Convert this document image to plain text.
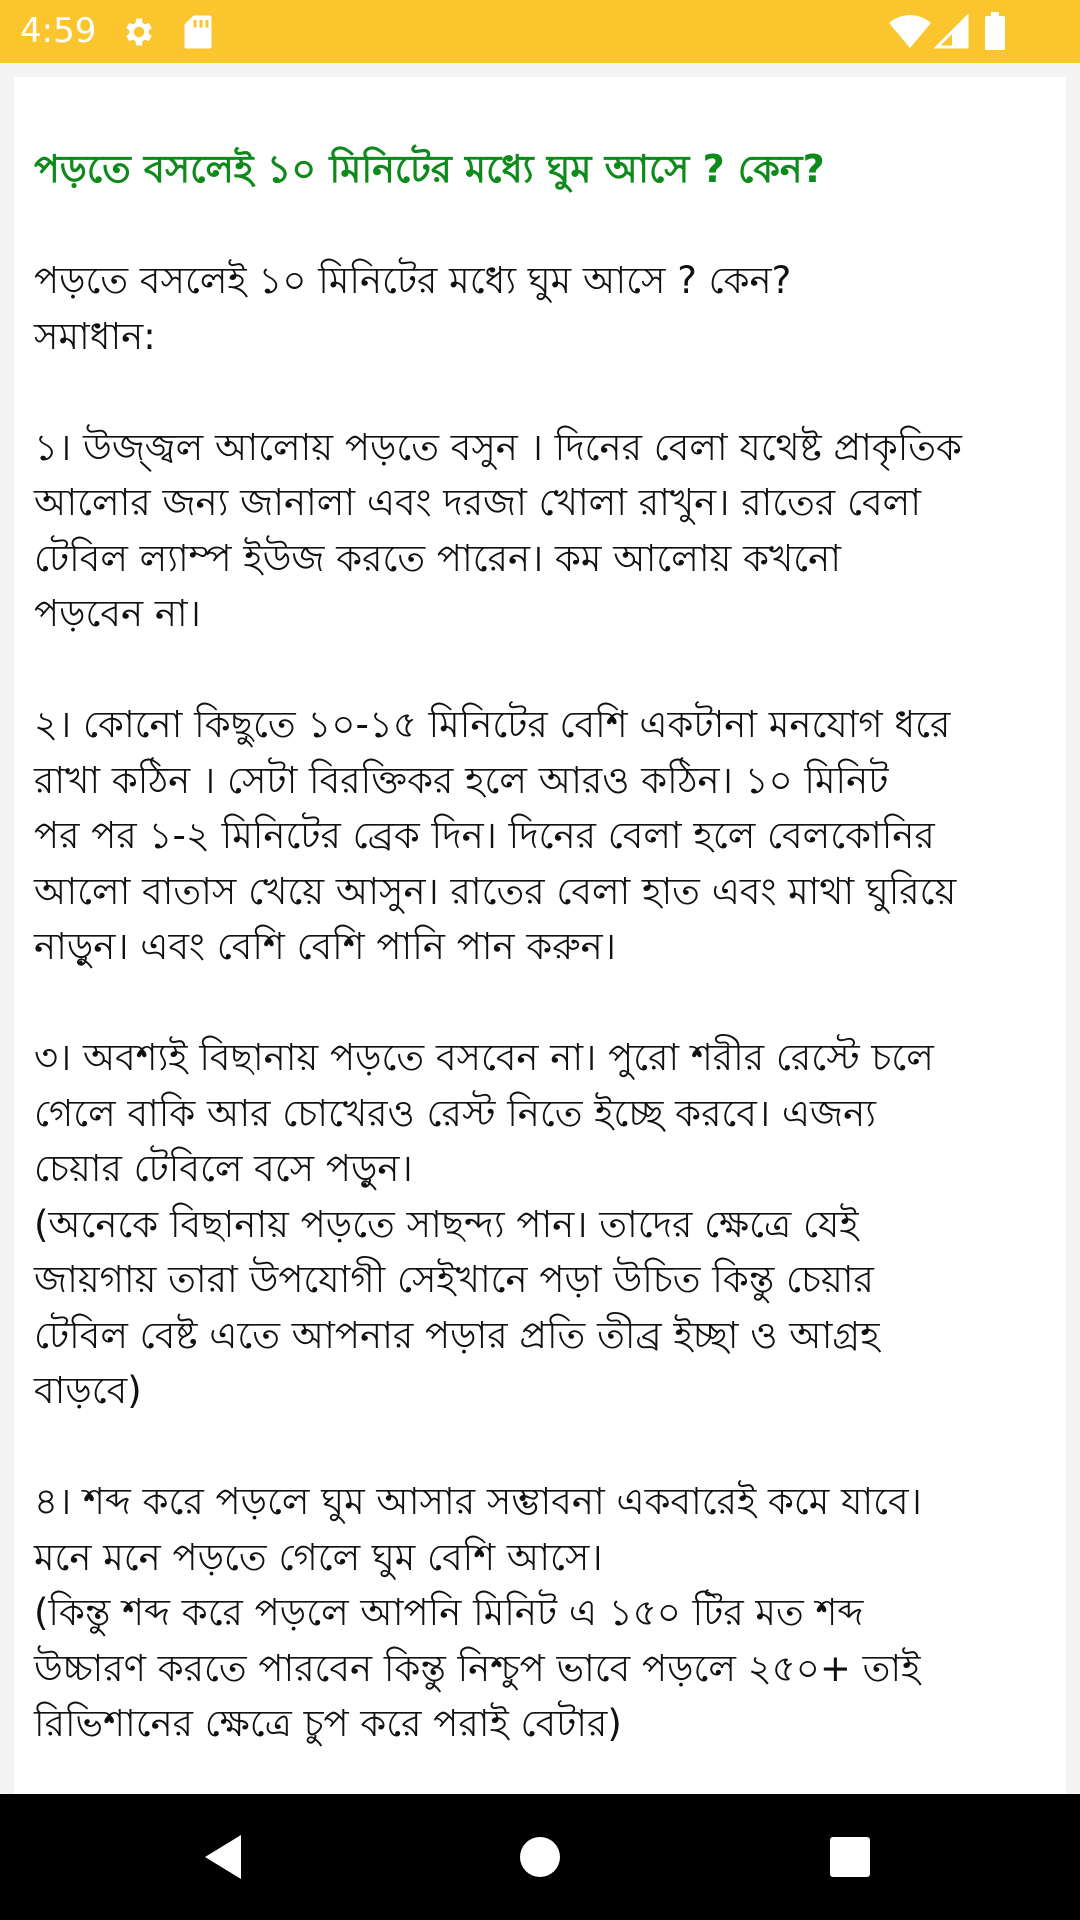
4:59
পড়তে বসলেই ১০ মিনিটের মধ্যে ঘুম আসে ? কেন?

পড়তে বসলেই ১০ মিনিটের মধ্যে ঘুম আসে ? কেন?
সমাধান:

১। উজ্জ্বল আলোয় পড়তে বসুন । দিনের বেলা যথেষ্ট প্রাকৃতিক
আলোর জন্য জানালা এবং দরজা খোলা রাখুন। রাতের বেলা
টেবিল ল্যাম্প ইউজ করতে পারেন। কম আলোয় কখনো
পড়বেন না।

২। কোনো কিছুতে ১০-১৫ মিনিটের বেশি একটানা মনযোগ ধরে
রাখা কঠিন । সেটা বিরক্তিকর হলে আরও কঠিন। ১০ মিনিট
পর পর ১-২ মিনিটের ব্রেক দিন। দিনের বেলা হলে বেলকোনির
আলো বাতাস খেয়ে আসুন। রাতের বেলা হাত এবং মাথা ঘুরিয়ে
নাড়ুন। এবং বেশি বেশি পানি পান করুন।

৩। অবশ্যই বিছানায় পড়তে বসবেন না। পুরো শরীর রেস্টে চলে
গেলে বাকি আর চোখেরও রেস্ট নিতে ইচ্ছে করবে। এজন্য
চেয়ার টেবিলে বসে পড়ুন।
(অনেকে বিছানায় পড়তে সাছন্দ্য পান। তাদের ক্ষেত্রে যেই
জায়গায় তারা উপযোগী সেইখানে পড়া উচিত কিন্তু চেয়ার
টেবিল বেষ্ট এতে আপনার পড়ার প্রতি তীব্র ইচ্ছা ও আগ্রহ
বাড়বে)

৪। শব্দ করে পড়লে ঘুম আসার সম্ভাবনা একবারেই কমে যাবে।
মনে মনে পড়তে গেলে ঘুম বেশি আসে।
(কিন্তু শব্দ করে পড়লে আপনি মিনিট এ ১৫০ টির মত শব্দ
উচ্চারণ করতে পারবেন কিন্তু নিশ্চুপ ভাবে পড়লে ২৫০+ তাই
রিভিশানের ক্ষেত্রে চুপ করে পরাই বেটার)
